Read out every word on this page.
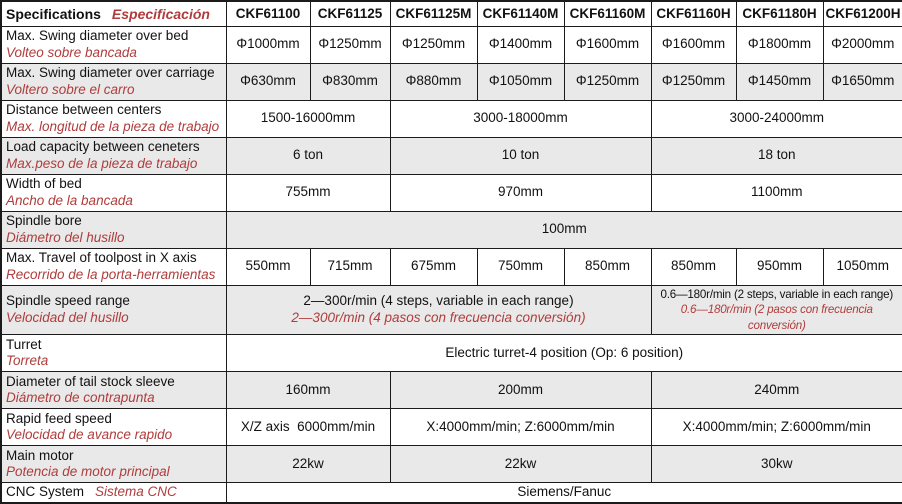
Specifications Especificación	CKF61100	CKF61125	CKF61125M	CKF61140M	CKF61160M	CKF61160H	CKF61180H	CKF61200H

Max. Swing diameter over bed
Volteo sobre bancada	Φ1000mm	Φ1250mm	Φ1250mm	Φ1400mm	Φ1600mm	Φ1600mm	Φ1800mm	Φ2000mm

Max. Swing diameter over carriage
Voltero sobre el carro	Φ630mm	Φ830mm	Φ880mm	Φ1050mm	Φ1250mm	Φ1250mm	Φ1450mm	Φ1650mm

Distance between centers
Max. longitud de la pieza de trabajo	1500-16000mm		3000-18000mm			3000-24000mm		

Load capacity between ceneters
Max.peso de la pieza de trabajo	6 ton		10 ton			18 ton		

Width of bed
Ancho de la bancada	755mm		970mm			1100mm		

Spindle bore
Diámetro del husillo	100mm							

Max. Travel of toolpost in X axis
Recorrido de la porta-herramientas	550mm	715mm	675mm	750mm	850mm	850mm	950mm	1050mm

Spindle speed range
Velocidad del husillo	2—300r/min (4 steps, variable in each range)
2—300r/min (4 pasos con frecuencia conversión)					0.6—180r/min (2 steps, variable in each range)
0.6—180r/min (2 pasos con frecuencia conversión)		

Turret
Torreta	Electric turret-4 position (Op: 6 position)							

Diameter of tail stock sleeve
Diámetro de contrapunta	160mm		200mm			240mm		

Rapid feed speed
Velocidad de avance rapido	X/Z axis  6000mm/min		X:4000mm/min; Z:6000mm/min			X:4000mm/min; Z:6000mm/min		

Main motor
Potencia de motor principal	22kw		22kw			30kw		
CNC System Sistema CNC	Siemens/Fanuc							
